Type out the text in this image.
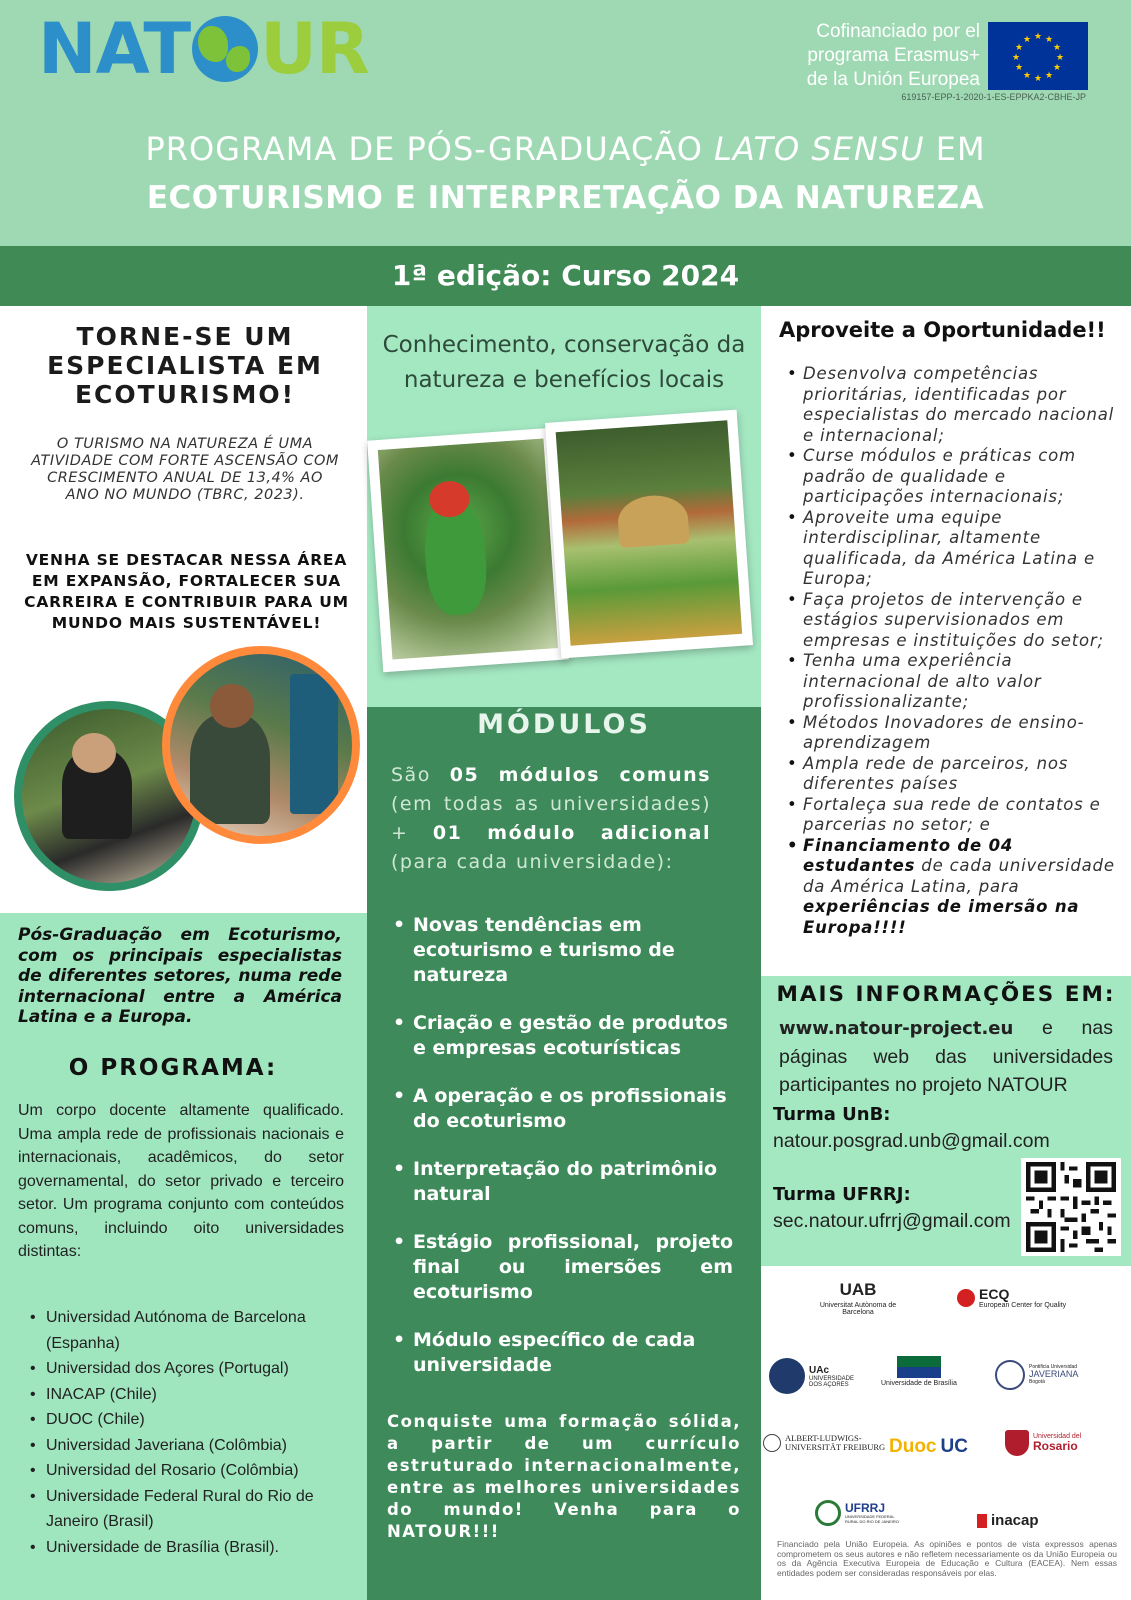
NAT UR	Cofinanciado por el
programa Erasmus+
de la Unión Europea
★ ★
★
★
★
★
★
★
★
★
★
★
619157-EPP-1-2020-1-ES-EPPKA2-CBHE-JP
PROGRAMA DE PÓS-GRADUAÇÃO LATO SENSU EM
ECOTURISMO E INTERPRETAÇÃO DA NATUREZA
1ª edição: Curso 2024
TORNE-SE UM ESPECIALISTA EM ECOTURISMO!
O TURISMO NA NATUREZA É UMA ATIVIDADE COM FORTE ASCENSÃO COM CRESCIMENTO ANUAL DE 13,4% AO ANO NO MUNDO (TBRC, 2023).
VENHA SE DESTACAR NESSA ÁREA EM EXPANSÃO, FORTALECER SUA CARREIRA E CONTRIBUIR PARA UM MUNDO MAIS SUSTENTÁVEL!
Pós-Graduação em Ecoturismo, com os principais especialistas de diferentes setores, numa rede internacional entre a América Latina e a Europa.
O PROGRAMA:
Um corpo docente altamente qualificado. Uma ampla rede de profissionais nacionais e internacionais, acadêmicos, do setor governamental, do setor privado e terceiro setor. Um programa conjunto com conteúdos comuns, incluindo oito universidades distintas:
• Universidad Autónoma de Barcelona (Espanha)
• Universidad dos Açores (Portugal)
• INACAP (Chile)
• DUOC (Chile)
• Universidad Javeriana (Colômbia)
• Universidad del Rosario (Colômbia)
• Universidade Federal Rural do Rio de Janeiro (Brasil)
• Universidade de Brasília (Brasil).
Conhecimento, conservação da natureza e benefícios locais
MÓDULOS
São 05 módulos comuns (em todas as universidades) + 01 módulo adicional (para cada universidade):
• Novas tendências em ecoturismo e turismo de natureza
• Criação e gestão de produtos e empresas ecoturísticas
• A operação e os profissionais do ecoturismo
• Interpretação do patrimônio natural
• Estágio profissional, projeto final ou imersões em ecoturismo
• Módulo específico de cada universidade
Conquiste uma formação sólida, a partir de um currículo estruturado internacionalmente, entre as melhores universidades do mundo! Venha para o NATOUR!!!
Aproveite a Oportunidade!!
• Desenvolva competências prioritárias, identificadas por especialistas do mercado nacional e internacional;
• Curse módulos e práticas com padrão de qualidade e participações internacionais;
• Aproveite uma equipe interdisciplinar, altamente qualificada, da América Latina e Europa;
• Faça projetos de intervenção e estágios supervisionados em empresas e instituições do setor;
• Tenha uma experiência internacional de alto valor profissionalizante;
• Métodos Inovadores de ensino-aprendizagem
• Ampla rede de parceiros, nos diferentes países
• Fortaleça sua rede de contatos e parcerias no setor; e
• Financiamento de 04 estudantes de cada universidade da América Latina, para experiências de imersão na Europa!!!!
MAIS INFORMAÇÕES EM:
www.natour-project.eu e nas páginas web das universidades participantes no projeto NATOUR
Turma UnB:
natour.posgrad.unb@gmail.com
Turma UFRRJ:
sec.natour.ufrrj@gmail.com
UAB
Universitat Autònoma de Barcelona
ECQ
European Center for Quality
UAc
UNIVERSIDADE DOS AÇORES	Universidade de Brasília
Pontificia Universidad
JAVERIANA
Bogotá
ALBERT-LUDWIGS-
UNIVERSITÄT FREIBURG Duoc UC	Universidad del
Rosario
UFRRJ
UNIVERSIDADE FEDERAL RURAL DO RIO DE JANEIRO	inacap
Financiado pela União Europeia. As opiniões e pontos de vista expressos apenas comprometem os seus autores e não refletem necessariamente os da União Europeia ou os da Agência Executiva Europeia de Educação e Cultura (EACEA). Nem essas entidades podem ser consideradas responsáveis por elas.
